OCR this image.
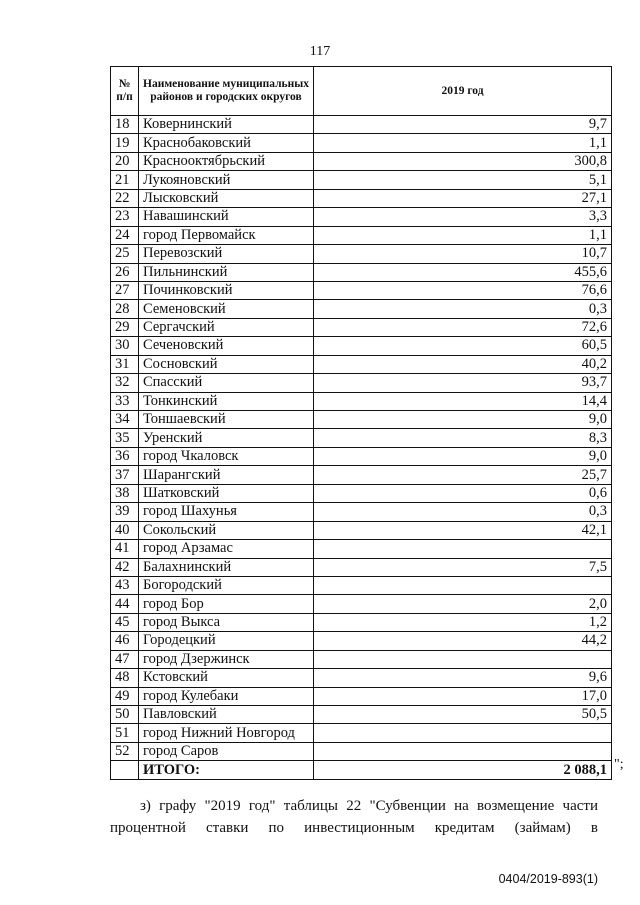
117
№ п/п	Наименование муниципальных районов и городских округов	2019 год
18	Ковернинский	9,7
19	Краснобаковский	1,1
20	Краснооктябрьский	300,8
21	Лукояновский	5,1
22	Лысковский	27,1
23	Навашинский	3,3
24	город Первомайск	1,1
25	Перевозский	10,7
26	Пильнинский	455,6
27	Починковский	76,6
28	Семеновский	0,3
29	Сергачский	72,6
30	Сеченовский	60,5
31	Сосновский	40,2
32	Спасский	93,7
33	Тонкинский	14,4
34	Тоншаевский	9,0
35	Уренский	8,3
36	город Чкаловск	9,0
37	Шарангский	25,7
38	Шатковский	0,6
39	город Шахунья	0,3
40	Сокольский	42,1
41	город Арзамас	
42	Балахнинский	7,5
43	Богородский	
44	город Бор	2,0
45	город Выкса	1,2
46	Городецкий	44,2
47	город Дзержинск	
48	Кстовский	9,6
49	город Кулебаки	17,0
50	Павловский	50,5
51	город Нижний Новгород	
52	город Саров	
	ИТОГО:	2 088,1 ";
з) графу "2019 год" таблицы 22 "Субвенции на возмещение части
процентной ставки по инвестиционным кредитам (займам) в
0404/2019-893(1)
